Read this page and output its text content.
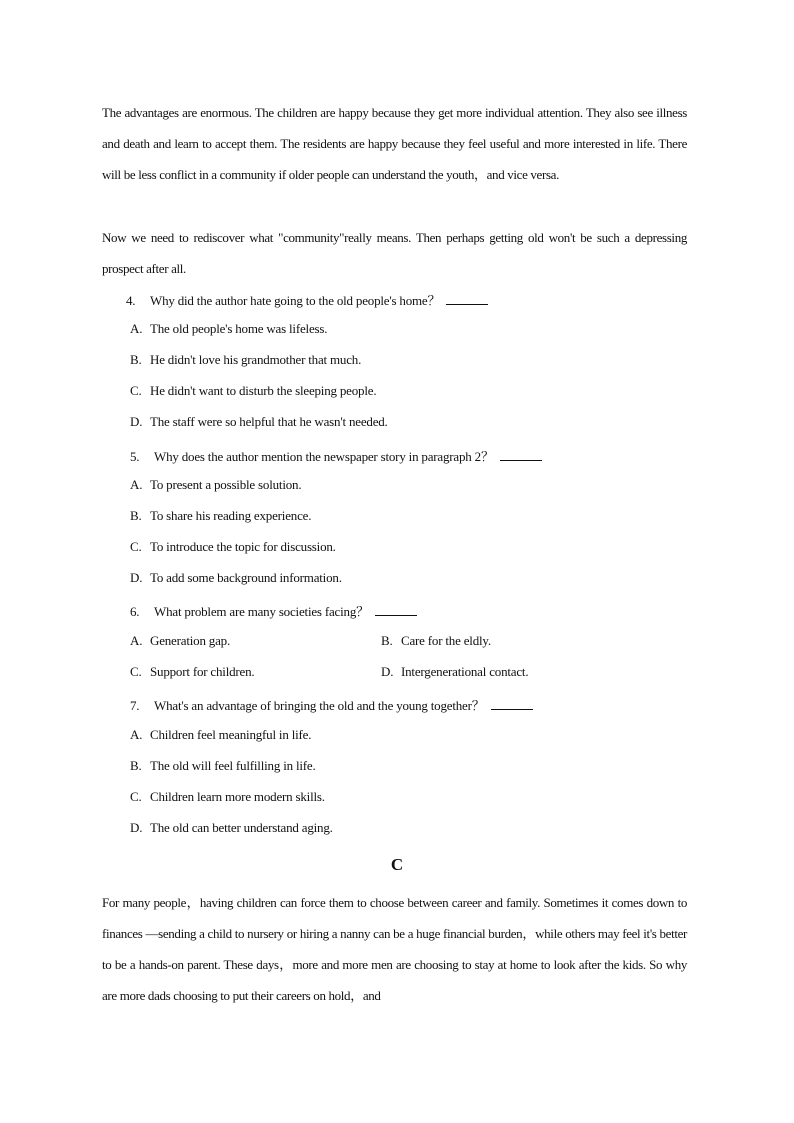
The advantages are enormous. The children are happy because they get more individual attention. They also see illness and death and learn to accept them. The residents are happy because they feel useful and more interested in life. There will be less conflict in a community if older people can understand the youth，and vice versa.
Now we need to rediscover what "community"really means. Then perhaps getting old won't be such a depressing prospect after all.
4. Why did the author hate going to the old people's home？
A. The old people's home was lifeless.
B. He didn't love his grandmother that much.
C. He didn't want to disturb the sleeping people.
D. The staff were so helpful that he wasn't needed.
5. Why does the author mention the newspaper story in paragraph 2？
A. To present a possible solution.
B. To share his reading experience.
C. To introduce the topic for discussion.
D. To add some background information.
6. What problem are many societies facing？
A. Generation gap.	B. Care for the eldly.
C. Support for children.	D. Intergenerational contact.
7. What's an advantage of bringing the old and the young together？
A. Children feel meaningful in life.
B. The old will feel fulfilling in life.
C. Children learn more modern skills.
D. The old can better understand aging.
C
For many people，having children can force them to choose between career and family. Sometimes it comes down to finances —sending a child to nursery or hiring a nanny can be a huge financial burden，while others may feel it's better to be a hands-on parent. These days，more and more men are choosing to stay at home to look after the kids. So why are more dads choosing to put their careers on hold，and
